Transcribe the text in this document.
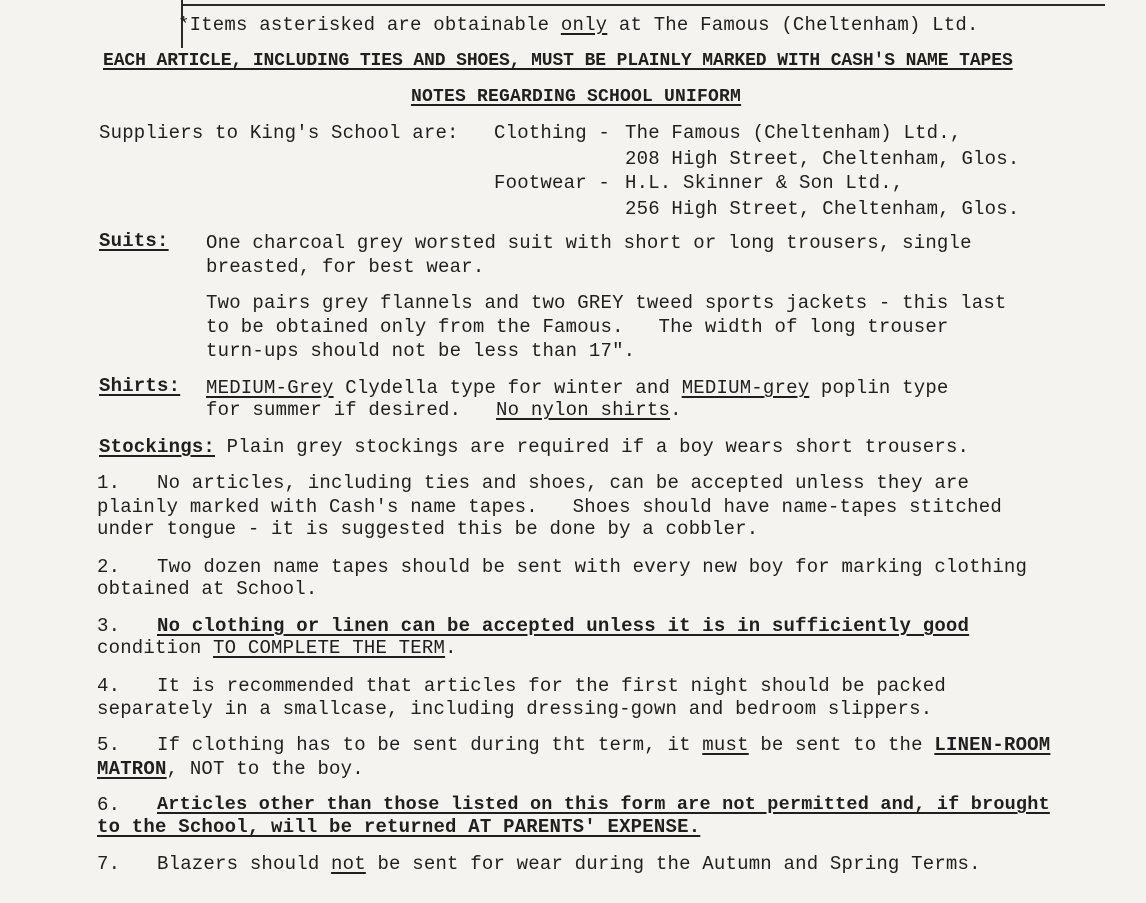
*Items asterisked are obtainable only at The Famous (Cheltenham) Ltd.
EACH ARTICLE, INCLUDING TIES AND SHOES, MUST BE PLAINLY MARKED WITH CASH'S NAME TAPES
NOTES REGARDING SCHOOL UNIFORM
Suppliers to King's School are: Clothing - The Famous (Cheltenham) Ltd.,
208 High Street, Cheltenham, Glos.
Footwear - H.L. Skinner & Son Ltd.,
256 High Street, Cheltenham, Glos.
Suits: One charcoal grey worsted suit with short or long trousers, single
breasted, for best wear.
Two pairs grey flannels and two GREY tweed sports jackets - this last
to be obtained only from the Famous.   The width of long trouser
turn-ups should not be less than 17".
Shirts: MEDIUM-Grey Clydella type for winter and MEDIUM-grey poplin type
for summer if desired.   No nylon shirts.
Stockings: Plain grey stockings are required if a boy wears short trousers.
1. No articles, including ties and shoes, can be accepted unless they are
plainly marked with Cash's name tapes.   Shoes should have name-tapes stitched
under tongue - it is suggested this be done by a cobbler.
2. Two dozen name tapes should be sent with every new boy for marking clothing
obtained at School.
3. No clothing or linen can be accepted unless it is in sufficiently good
condition TO COMPLETE THE TERM.
4. It is recommended that articles for the first night should be packed
separately in a smallcase, including dressing-gown and bedroom slippers.
5. If clothing has to be sent during tht term, it must be sent to the LINEN-ROOM
MATRON, NOT to the boy.
6. Articles other than those listed on this form are not permitted and, if brought
to the School, will be returned AT PARENTS' EXPENSE.
7. Blazers should not be sent for wear during the Autumn and Spring Terms.
